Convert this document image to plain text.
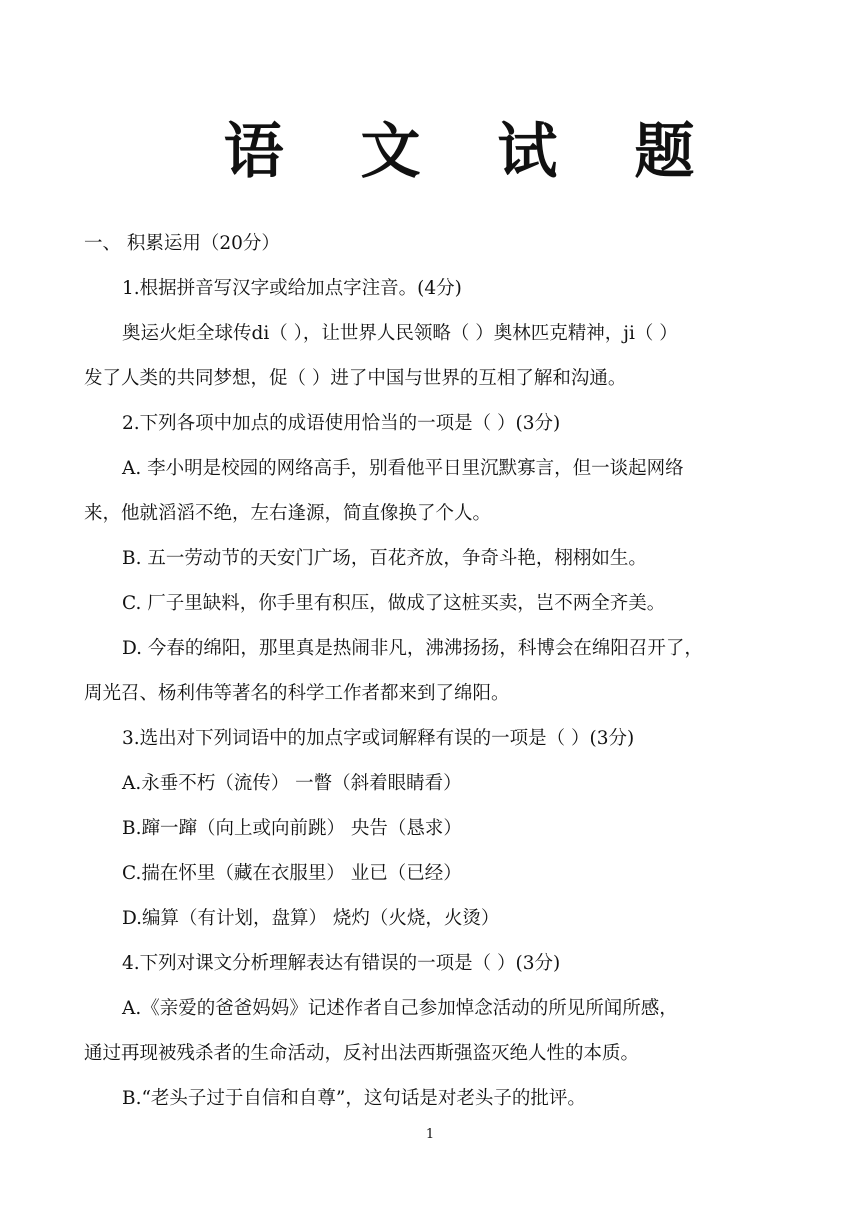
语 文 试 题

一、 积累运用（20分）

1.根据拼音写汉字或给加点字注音。(4分)

奥运火炬全球传di（ ），让世界人民领略（ ）奥林匹克精神，ji（ ）

发了人类的共同梦想，促（ ）进了中国与世界的互相了解和沟通。

2.下列各项中加点的成语使用恰当的一项是（ ）(3分)

A. 李小明是校园的网络高手，别看他平日里沉默寡言，但一谈起网络

来，他就滔滔不绝，左右逢源，简直像换了个人。

B. 五一劳动节的天安门广场，百花齐放，争奇斗艳，栩栩如生。

C. 厂子里缺料，你手里有积压，做成了这桩买卖，岂不两全齐美。

D. 今春的绵阳，那里真是热闹非凡，沸沸扬扬，科博会在绵阳召开了，

周光召、杨利伟等著名的科学工作者都来到了绵阳。

3.选出对下列词语中的加点字或词解释有误的一项是（ ）(3分)

A.永垂不朽（流传） 一瞥（斜着眼睛看）

B.蹿一蹿（向上或向前跳） 央告（恳求）

C.揣在怀里（藏在衣服里） 业已（已经）

D.编算（有计划，盘算） 烧灼（火烧，火烫）

4.下列对课文分析理解表达有错误的一项是（ ）(3分)

A.《亲爱的爸爸妈妈》记述作者自己参加悼念活动的所见所闻所感，

通过再现被残杀者的生命活动，反衬出法西斯强盗灭绝人性的本质。

B.“老头子过于自信和自尊”，这句话是对老头子的批评。

1
